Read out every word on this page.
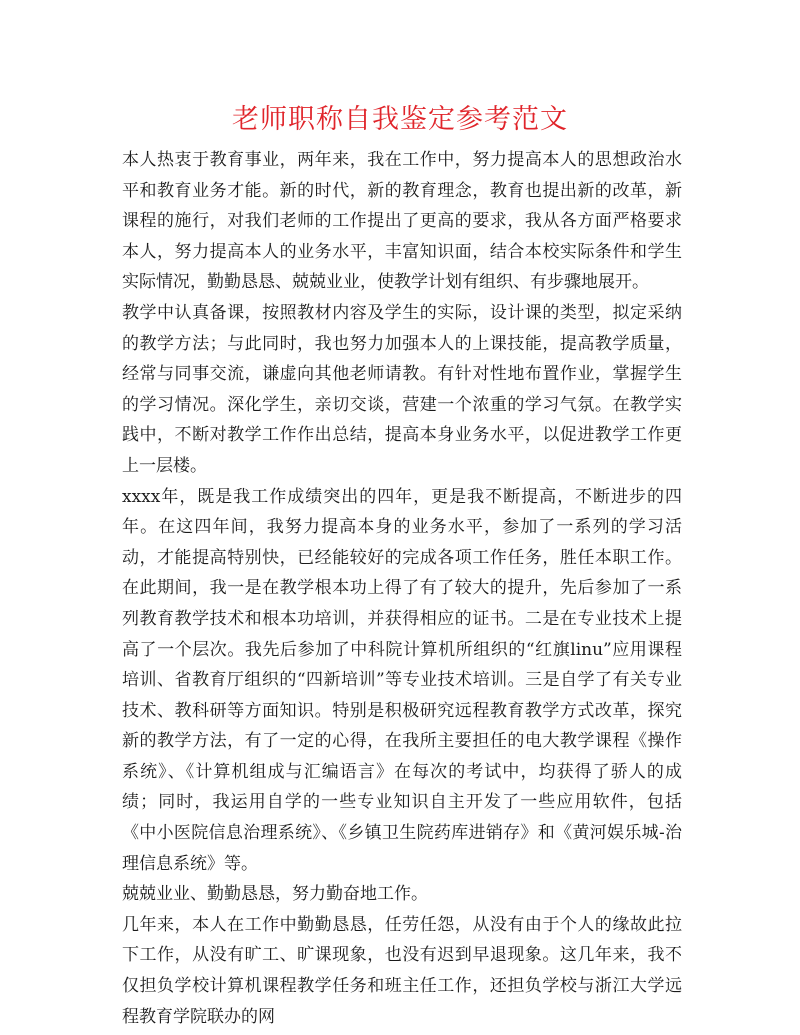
老师职称自我鉴定参考范文

本人热衷于教育事业，两年来，我在工作中，努力提高本人的思想政治水平和教育业务才能。新的时代，新的教育理念，教育也提出新的改革，新课程的施行，对我们老师的工作提出了更高的要求，我从各方面严格要求本人，努力提高本人的业务水平，丰富知识面，结合本校实际条件和学生实际情况，勤勤恳恳、兢兢业业，使教学计划有组织、有步骤地展开。

教学中认真备课，按照教材内容及学生的实际，设计课的类型，拟定采纳的教学方法；与此同时，我也努力加强本人的上课技能，提高教学质量，经常与同事交流，谦虚向其他老师请教。有针对性地布置作业，掌握学生的学习情况。深化学生，亲切交谈，营建一个浓重的学习气氛。在教学实践中，不断对教学工作作出总结，提高本身业务水平，以促进教学工作更上一层楼。

xxxx年，既是我工作成绩突出的四年，更是我不断提高，不断进步的四年。在这四年间，我努力提高本身的业务水平，参加了一系列的学习活动，才能提高特别快，已经能较好的完成各项工作任务，胜任本职工作。在此期间，我一是在教学根本功上得了有了较大的提升，先后参加了一系列教育教学技术和根本功培训，并获得相应的证书。二是在专业技术上提高了一个层次。我先后参加了中科院计算机所组织的“红旗linu”应用课程培训、省教育厅组织的“四新培训”等专业技术培训。三是自学了有关专业技术、教科研等方面知识。特别是积极研究远程教育教学方式改革，探究新的教学方法，有了一定的心得，在我所主要担任的电大教学课程《操作系统》、《计算机组成与汇编语言》在每次的考试中，均获得了骄人的成绩；同时，我运用自学的一些专业知识自主开发了一些应用软件，包括《中小医院信息治理系统》、《乡镇卫生院药库进销存》和《黄河娱乐城-治理信息系统》等。

兢兢业业、勤勤恳恳，努力勤奋地工作。

几年来，本人在工作中勤勤恳恳，任劳任怨，从没有由于个人的缘故此拉下工作，从没有旷工、旷课现象，也没有迟到早退现象。这几年来，我不仅担负学校计算机课程教学任务和班主任工作，还担负学校与浙江大学远程教育学院联办的网
